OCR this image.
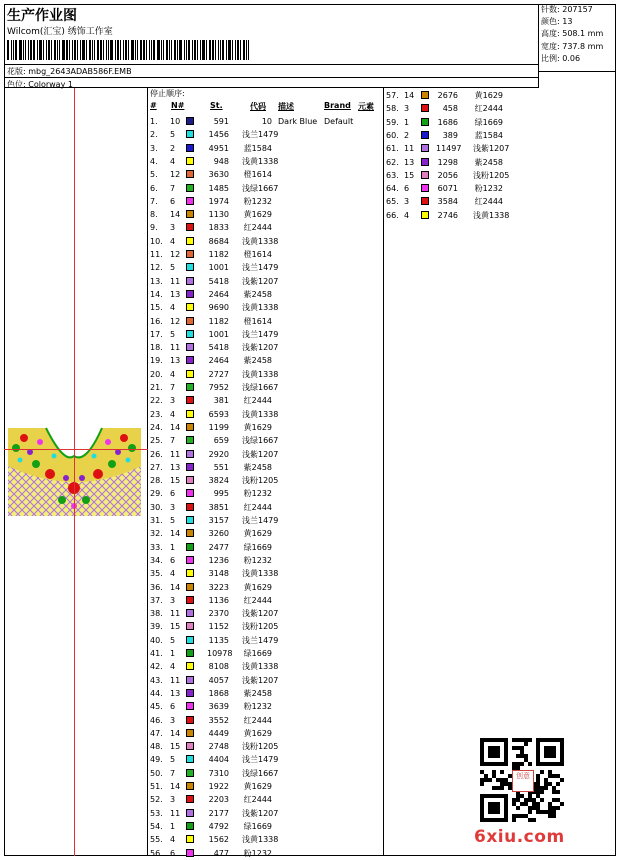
生产作业图
Wilcom(汇宝) 绣饰工作室
花版: mbg_2643ADAB586F.EMB
色位: Colorway 1
针数: 207157
颜色: 13
高度: 508.1 mm
宽度: 737.8 mm
比例: 0.06
停止顺序:
# N#	St.	代码 描述	Brand 元素
1. 10	591	10 Dark Blue Default
2. 5	1456 浅兰1479
3. 2	4951 蓝1584
4. 4	948 浅黄1338
5. 12	3630 橙1614
6. 7	1485 浅绿1667
7. 6	1974 粉1232
8. 14	1130 黄1629
9. 3	1833 红2444
10. 4	8684 浅黄1338
11. 12	1182 橙1614
12. 5	1001 浅兰1479
13. 11	5418 浅紫1207
14. 13	2464 紫2458
15. 4	9690 浅黄1338
16. 12	1182 橙1614
17. 5	1001 浅兰1479
18. 11	5418 浅紫1207
19. 13	2464 紫2458
20. 4	2727 浅黄1338
21. 7	7952 浅绿1667
22. 3	381 红2444
23. 4	6593 浅黄1338
24. 14	1199 黄1629
25. 7	659 浅绿1667
26. 11	2920 浅紫1207
27. 13	551 紫2458
28. 15	3824 浅粉1205
29. 6	995 粉1232
30. 3	3851 红2444
31. 5	3157 浅兰1479
32. 14	3260 黄1629
33. 1	2477 绿1669
34. 6	1236 粉1232
35. 4	3148 浅黄1338
36. 14	3223 黄1629
37. 3	1136 红2444
38. 11	2370 浅紫1207
39. 15	1152 浅粉1205
40. 5	1135 浅兰1479
41. 1	10978 绿1669
42. 4	8108 浅黄1338
43. 11	4057 浅紫1207
44. 13	1868 紫2458
45. 6	3639 粉1232
46. 3	3552 红2444
47. 14	4449 黄1629
48. 15	2748 浅粉1205
49. 5	4404 浅兰1479
50. 7	7310 浅绿1667
51. 14	1922 黄1629
52. 3	2203 红2444
53. 11	2177 浅紫1207
54. 1	4792 绿1669
55. 4	1562 浅黄1338
56. 6	477 粉1232
57. 14	2676 黄1629
58. 3	458 红2444
59. 1	1686 绿1669
60. 2	389 蓝1584
61. 11	11497 浅紫1207
62. 13	1298 紫2458
63. 15	2056 浅粉1205
64. 6	6071 粉1232
65. 3	3584 红2444
66. 4	2746 浅黄1338
创意
6xiu.com
